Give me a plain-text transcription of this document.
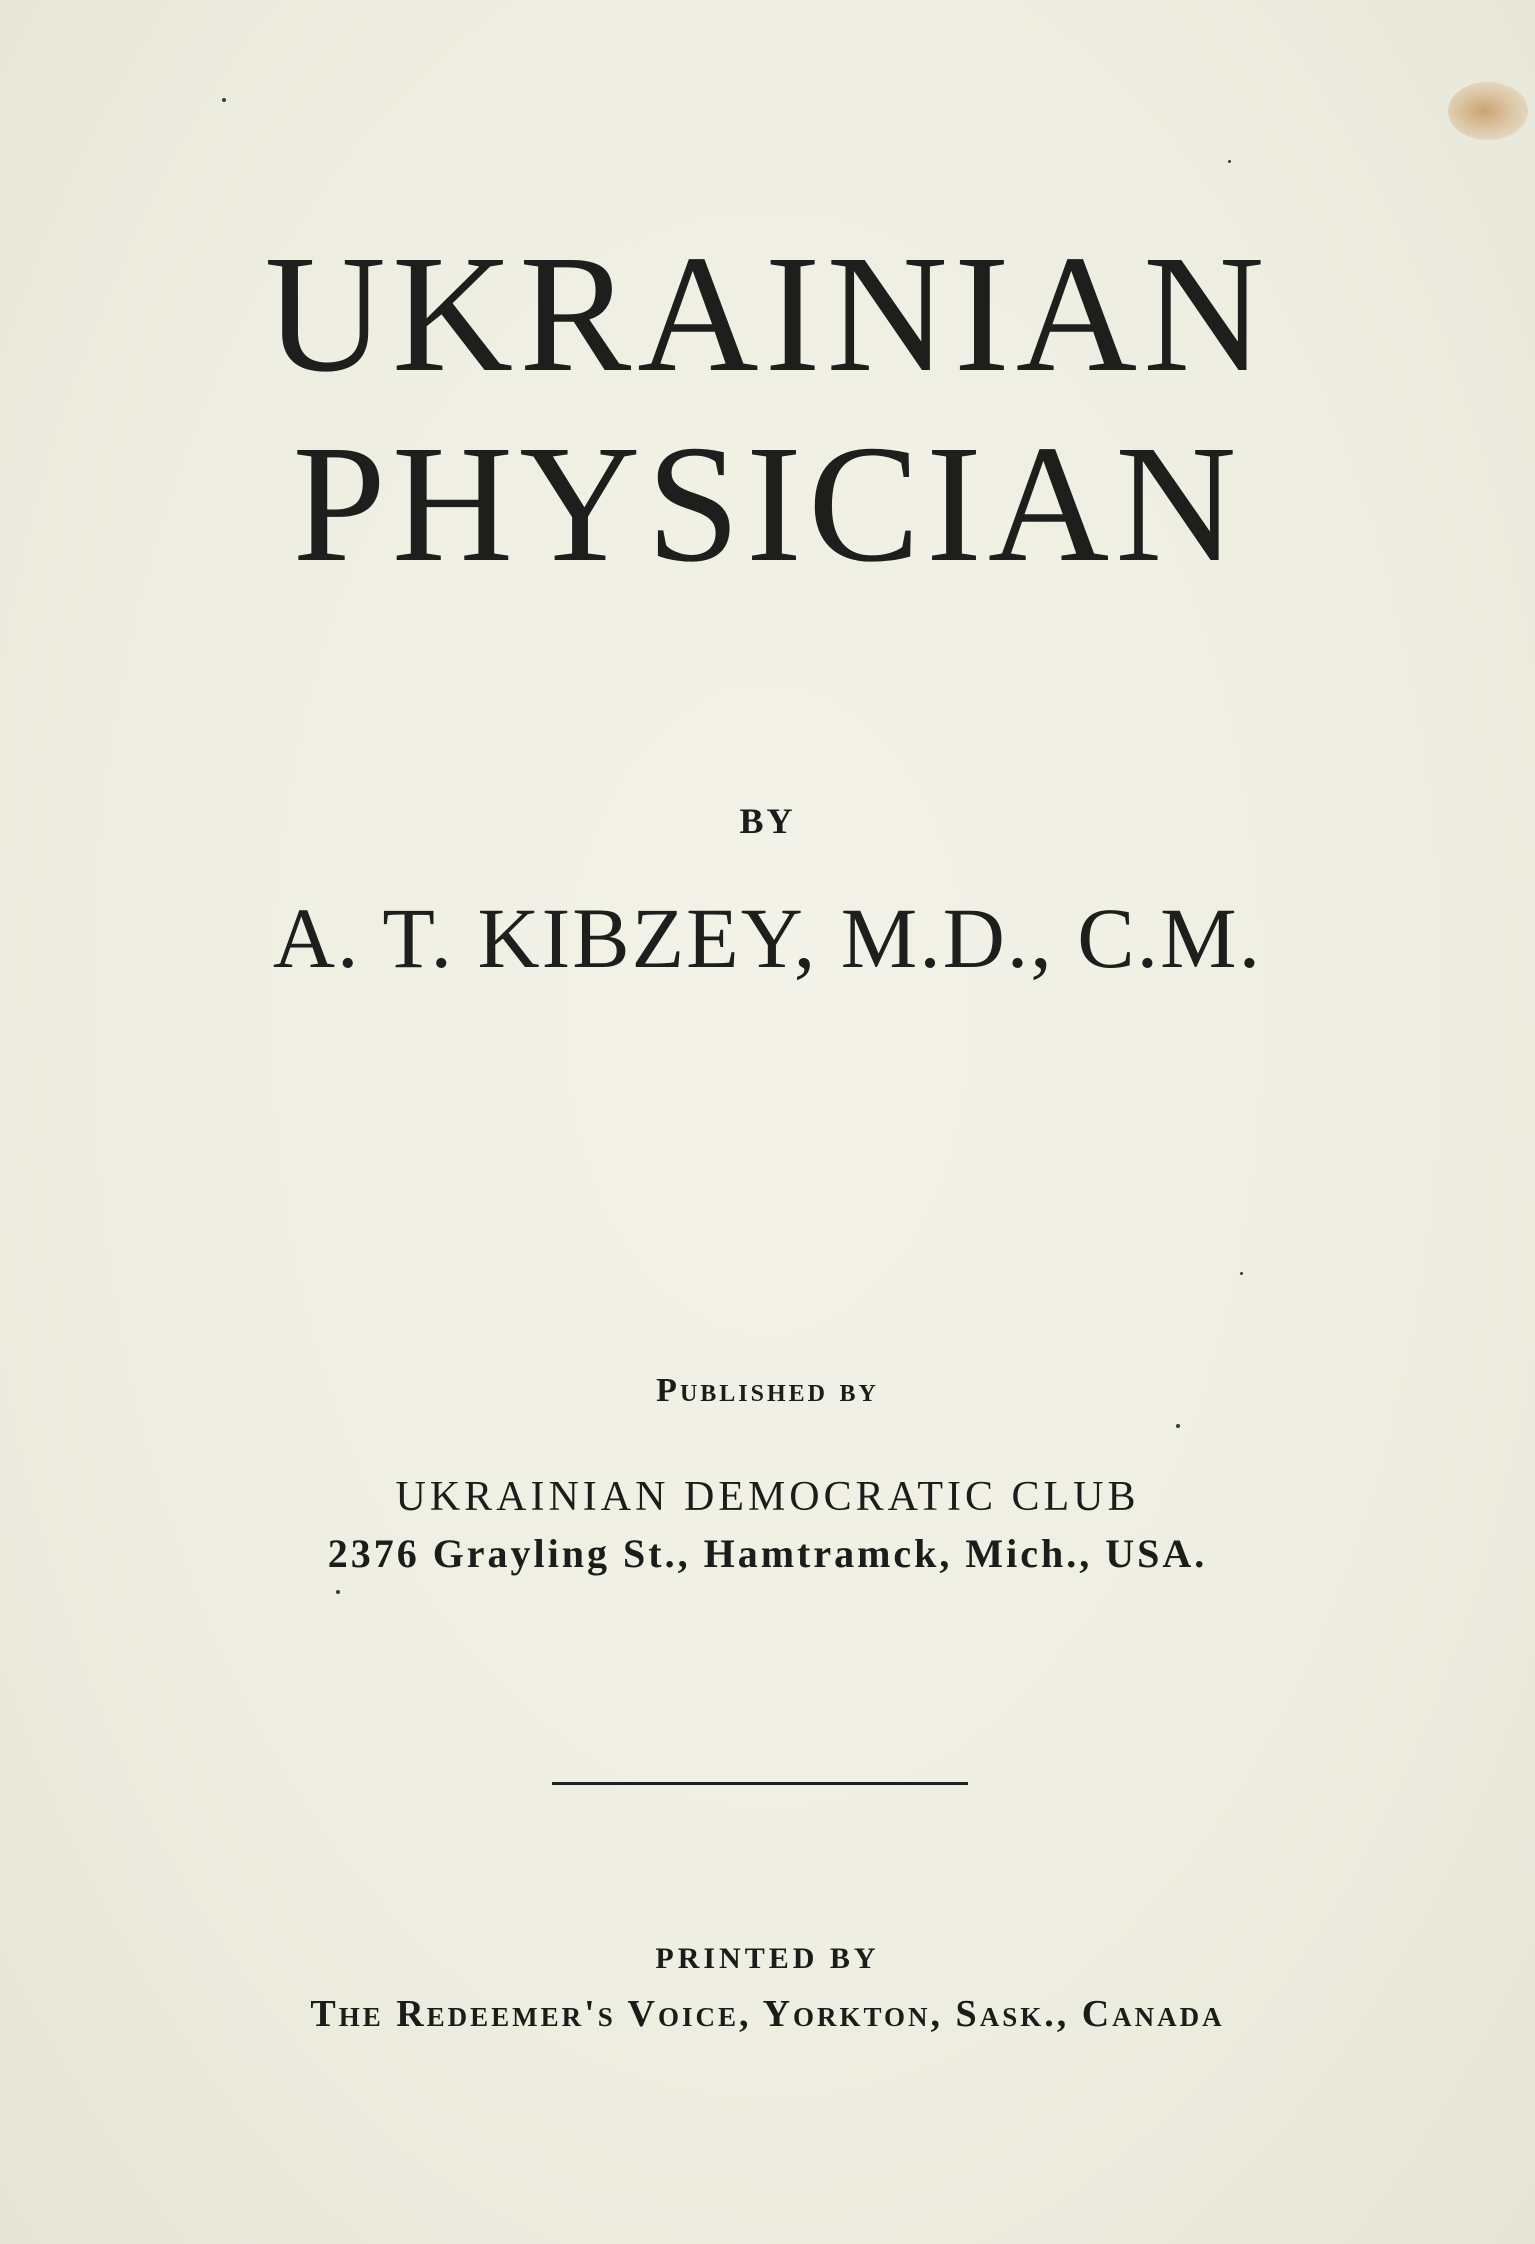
UKRAINIAN
PHYSICIAN
BY
A. T. KIBZEY, M.D., C.M.
Published by
UKRAINIAN DEMOCRATIC CLUB
2376 Grayling St., Hamtramck, Mich., USA.
PRINTED BY
The Redeemer's Voice, Yorkton, Sask., Canada
